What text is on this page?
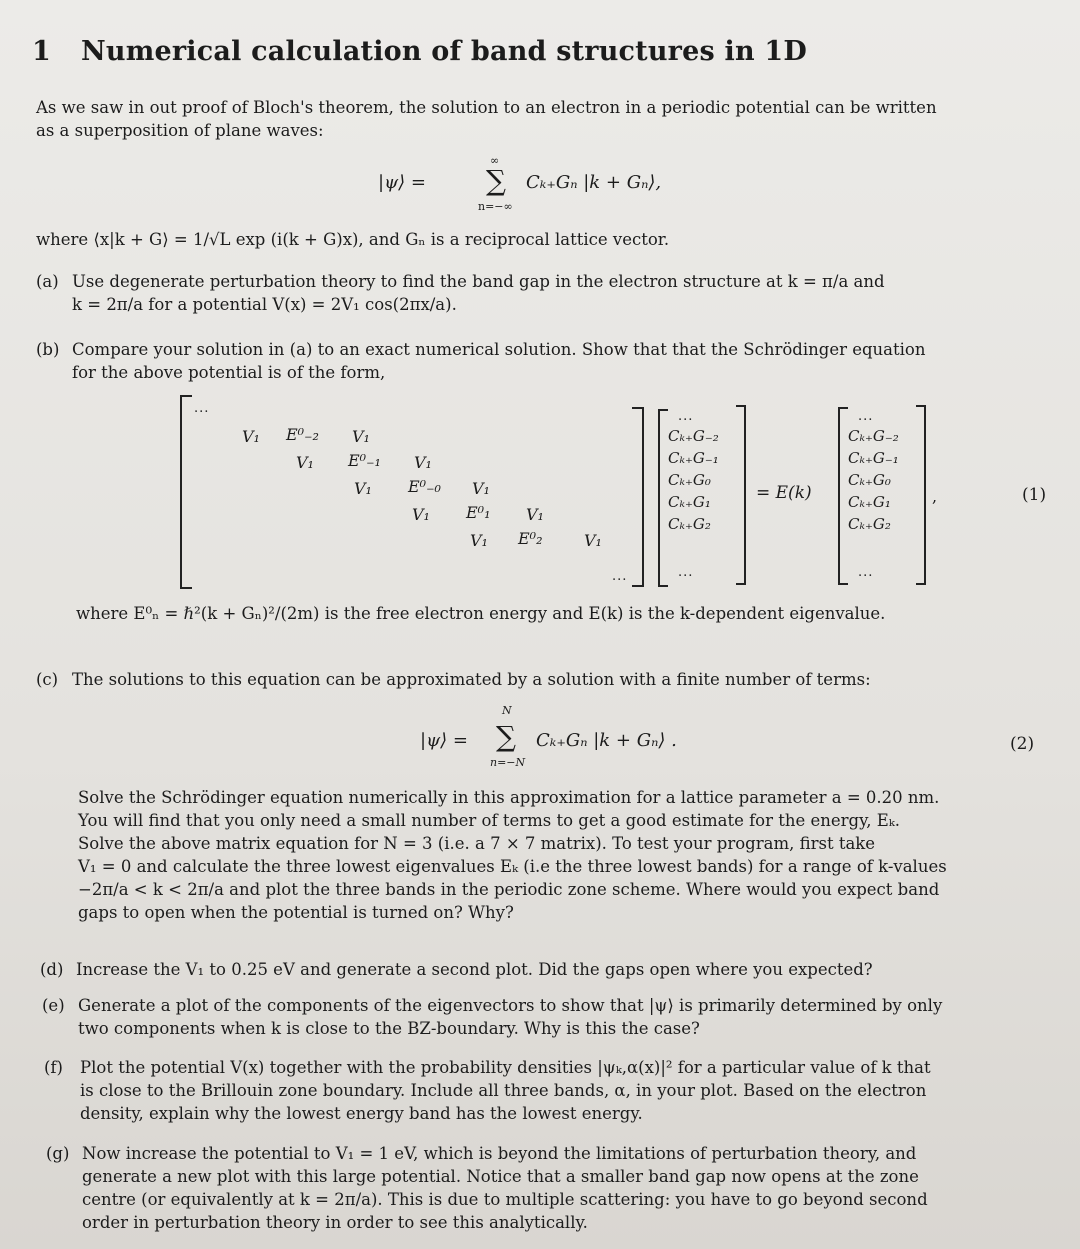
1 Numerical calculation of band structures in 1D
As we saw in out proof of Bloch's theorem, the solution to an electron in a periodic potential can be written
as a superposition of plane waves:
|ψ⟩ =
∞
∑
n=−∞
Cₖ₊Gₙ |k + Gₙ⟩,
where ⟨x|k + G⟩ = 1/√L exp (i(k + G)x), and Gₙ is a reciprocal lattice vector.
(a) Use degenerate perturbation theory to find the band gap in the electron structure at k = π/a and
k = 2π/a for a potential V(x) = 2V₁ cos(2πx/a).
(b) Compare your solution in (a) to an exact numerical solution. Show that that the Schrödinger equation
for the above potential is of the form,
...
...
V₁ E⁰₋₂ V₁
V₁ E⁰₋₁ V₁
V₁ E⁰₋₀ V₁
V₁ E⁰₁ V₁
V₁ E⁰₂	V₁
...
Cₖ₊G₋₂
Cₖ₊G₋₁
Cₖ₊G₀
Cₖ₊G₁
Cₖ₊G₂
...
= E(k)
...
Cₖ₊G₋₂
Cₖ₊G₋₁
Cₖ₊G₀
Cₖ₊G₁
Cₖ₊G₂
...
,	(1)
where E⁰ₙ = ℏ²(k + Gₙ)²/(2m) is the free electron energy and E(k) is the k-dependent eigenvalue.
(c) The solutions to this equation can be approximated by a solution with a finite number of terms:
|ψ⟩ =
N
∑
n=−N
Cₖ₊Gₙ |k + Gₙ⟩ .	(2)
Solve the Schrödinger equation numerically in this approximation for a lattice parameter a = 0.20 nm.
You will find that you only need a small number of terms to get a good estimate for the energy, Eₖ.
Solve the above matrix equation for N = 3 (i.e. a 7 × 7 matrix). To test your program, first take
V₁ = 0 and calculate the three lowest eigenvalues Eₖ (i.e the three lowest bands) for a range of k-values
−2π/a < k < 2π/a and plot the three bands in the periodic zone scheme. Where would you expect band
gaps to open when the potential is turned on? Why?
(d) Increase the V₁ to 0.25 eV and generate a second plot. Did the gaps open where you expected?
(e) Generate a plot of the components of the eigenvectors to show that |ψ⟩ is primarily determined by only
two components when k is close to the BZ-boundary. Why is this the case?
(f) Plot the potential V(x) together with the probability densities |ψₖ,α(x)|² for a particular value of k that
is close to the Brillouin zone boundary. Include all three bands, α, in your plot. Based on the electron
density, explain why the lowest energy band has the lowest energy.
(g) Now increase the potential to V₁ = 1 eV, which is beyond the limitations of perturbation theory, and
generate a new plot with this large potential. Notice that a smaller band gap now opens at the zone
centre (or equivalently at k = 2π/a). This is due to multiple scattering: you have to go beyond second
order in perturbation theory in order to see this analytically.
